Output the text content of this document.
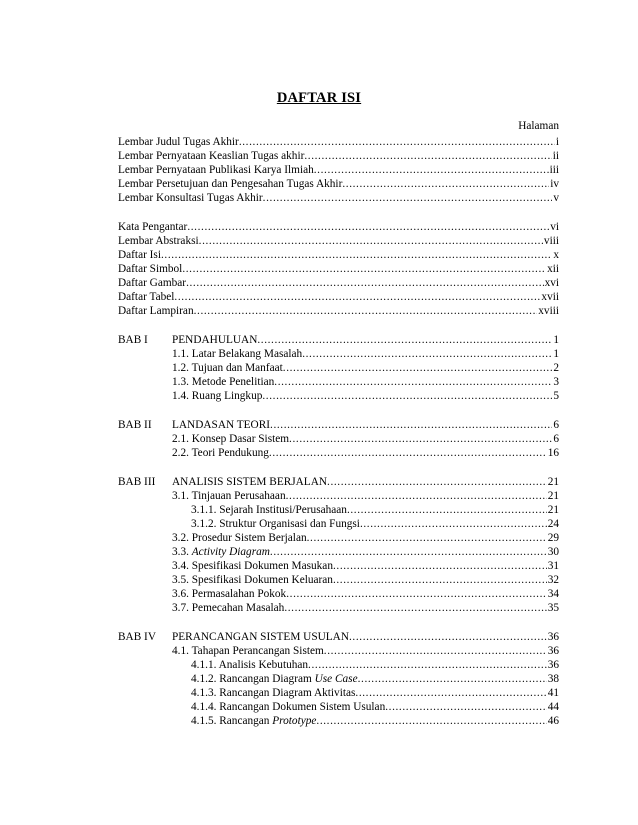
DAFTAR ISI
Halaman
Lembar Judul Tugas Akhir .....	i
Lembar Pernyataan Keaslian Tugas akhir .....	ii
Lembar Pernyataan Publikasi Karya Ilmiah .....	iii
Lembar Persetujuan dan Pengesahan Tugas Akhir .....	iv
Lembar Konsultasi Tugas Akhir .....	v
Kata Pengantar .....	vi
Lembar Abstraksi .....	viii
Daftar Isi .....	x
Daftar Simbol .....	xii
Daftar Gambar .....	xvi
Daftar Tabel .....	xvii
Daftar Lampiran .....	xviii
BAB I	PENDAHULUAN .....	1
1.1. Latar Belakang Masalah .....	1
1.2. Tujuan dan Manfaat .....	2
1.3. Metode Penelitian .....	3
1.4. Ruang Lingkup .....	5
BAB II	LANDASAN TEORI .....	6
2.1. Konsep Dasar Sistem .....	6
2.2. Teori Pendukung .....	16
BAB III	ANALISIS SISTEM BERJALAN .....	21
3.1. Tinjauan Perusahaan .....	21
3.1.1. Sejarah Institusi/Perusahaan .....	21
3.1.2. Struktur Organisasi dan Fungsi .....	24
3.2. Prosedur Sistem Berjalan .....	29
3.3. Activity Diagram .....	30
3.4. Spesifikasi Dokumen Masukan .....	31
3.5. Spesifikasi Dokumen Keluaran .....	32
3.6. Permasalahan Pokok .....	34
3.7. Pemecahan Masalah .....	35
BAB IV	PERANCANGAN SISTEM USULAN .....	36
4.1. Tahapan Perancangan Sistem .....	36
4.1.1. Analisis Kebutuhan .....	36
4.1.2. Rancangan Diagram Use Case .....	38
4.1.3. Rancangan Diagram Aktivitas .....	41
4.1.4. Rancangan Dokumen Sistem Usulan .....	44
4.1.5. Rancangan Prototype .....	46
